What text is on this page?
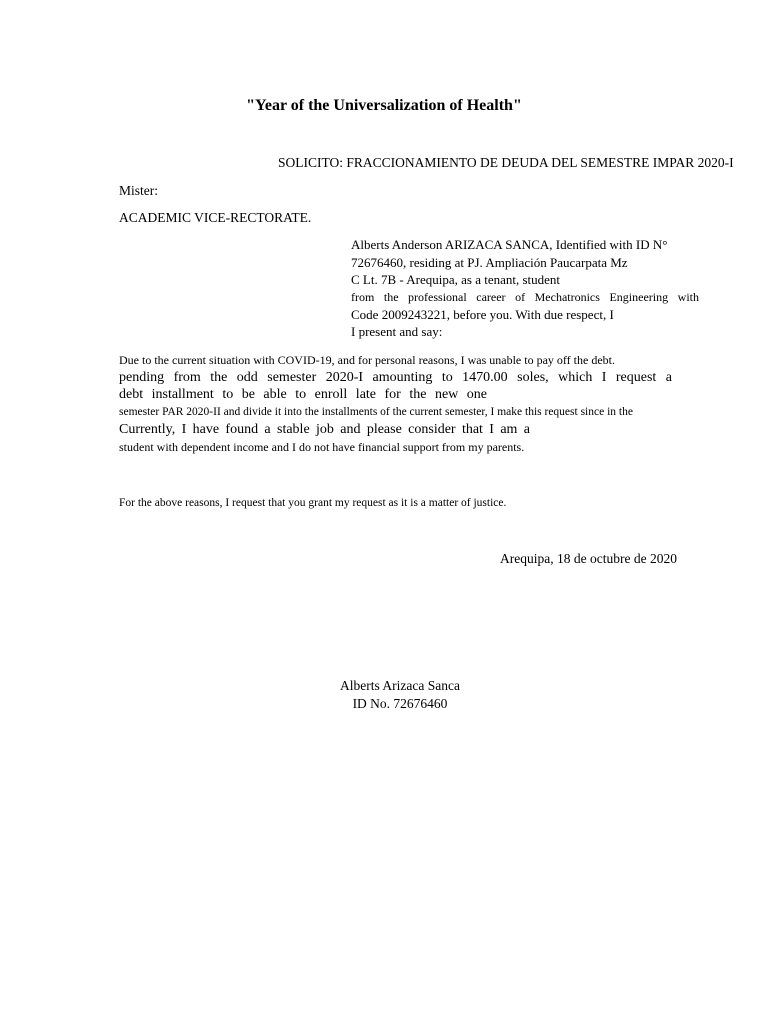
"Year of the Universalization of Health"
SOLICITO: FRACCIONAMIENTO DE DEUDA DEL SEMESTRE IMPAR 2020-I
Mister:
ACADEMIC VICE-RECTORATE.
Alberts Anderson ARIZACA SANCA, Identified with ID N°
72676460, residing at PJ. Ampliación Paucarpata Mz
C Lt. 7B - Arequipa, as a tenant, student
from the professional career of Mechatronics Engineering with
Code 2009243221, before you. With due respect, I
I present and say:
Due to the current situation with COVID-19, and for personal reasons, I was unable to pay off the debt.
pending from the odd semester 2020-I amounting to 1470.00 soles, which I request a
debt installment to be able to enroll late for the new one
semester PAR 2020-II and divide it into the installments of the current semester, I make this request since in the
Currently, I have found a stable job and please consider that I am a
student with dependent income and I do not have financial support from my parents.
For the above reasons, I request that you grant my request as it is a matter of justice.
Arequipa, 18 de octubre de 2020
Alberts Arizaca Sanca
ID No. 72676460
